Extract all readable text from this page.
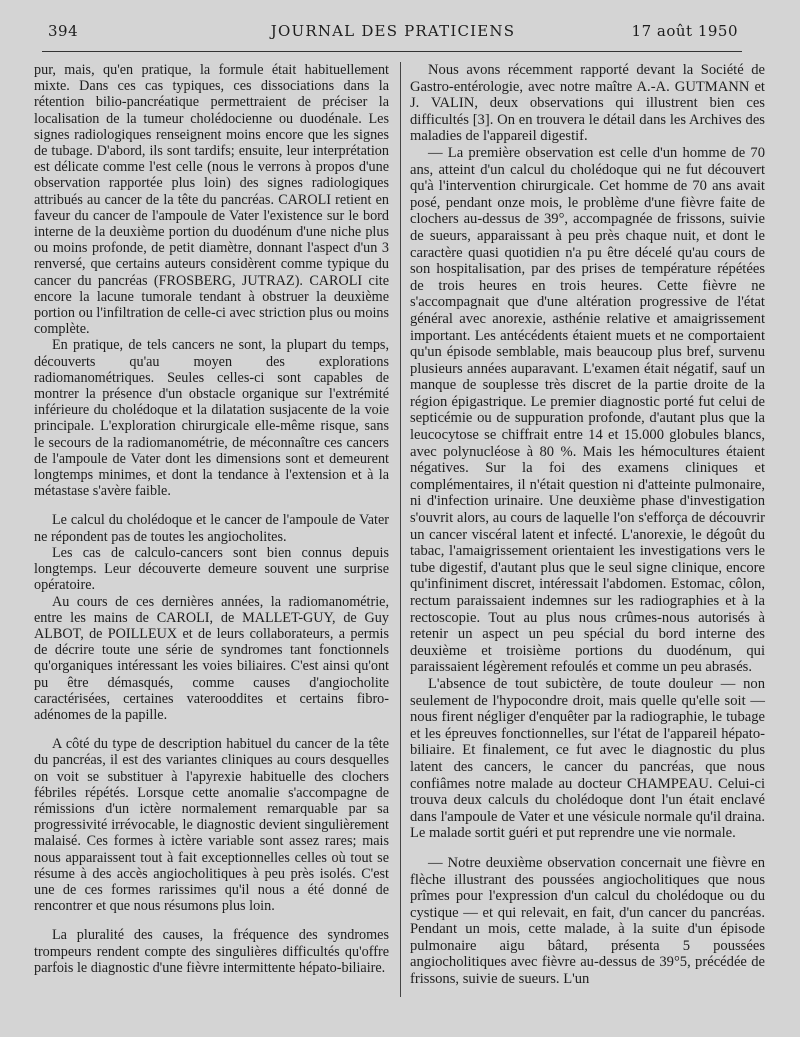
394	JOURNAL DES PRATICIENS	17 août 1950

pur, mais, qu'en pratique, la formule était habituellement mixte. Dans ces cas typiques, ces dissociations dans la rétention bilio-pancréatique permettraient de préciser la localisation de la tumeur cholédocienne ou duodénale. Les signes radiologiques renseignent moins encore que les signes de tubage. D'abord, ils sont tardifs; ensuite, leur interprétation est délicate comme l'est celle (nous le verrons à propos d'une observation rapportée plus loin) des signes radiologiques attribués au cancer de la tête du pancréas. CAROLI retient en faveur du cancer de l'ampoule de Vater l'existence sur le bord interne de la deuxième portion du duodénum d'une niche plus ou moins profonde, de petit diamètre, donnant l'aspect d'un 3 renversé, que certains auteurs considèrent comme typique du cancer du pancréas (FROSBERG, JUTRAZ). CAROLI cite encore la lacune tumorale tendant à obstruer la deuxième portion ou l'infiltration de celle-ci avec striction plus ou moins complète.

En pratique, de tels cancers ne sont, la plupart du temps, découverts qu'au moyen des explorations radiomanométriques. Seules celles-ci sont capables de montrer la présence d'un obstacle organique sur l'extrémité inférieure du cholédoque et la dilatation susjacente de la voie principale. L'exploration chirurgicale elle-même risque, sans le secours de la radiomanométrie, de méconnaître ces cancers de l'ampoule de Vater dont les dimensions sont et demeurent longtemps minimes, et dont la tendance à l'extension et à la métastase s'avère faible.

Le calcul du cholédoque et le cancer de l'ampoule de Vater ne répondent pas de toutes les angiocholites.

Les cas de calculo-cancers sont bien connus depuis longtemps. Leur découverte demeure souvent une surprise opératoire.

Au cours de ces dernières années, la radiomanométrie, entre les mains de CAROLI, de MALLET-GUY, de Guy ALBOT, de POILLEUX et de leurs collaborateurs, a permis de décrire toute une série de syndromes tant fonctionnels qu'organiques intéressant les voies biliaires. C'est ainsi qu'ont pu être démasqués, comme causes d'angiocholite caractérisées, certaines vaterooddites et certains fibro-adénomes de la papille.

A côté du type de description habituel du cancer de la tête du pancréas, il est des variantes cliniques au cours desquelles on voit se substituer à l'apyrexie habituelle des clochers fébriles répétés. Lorsque cette anomalie s'accompagne de rémissions d'un ictère normalement remarquable par sa progressivité irrévocable, le diagnostic devient singulièrement malaisé. Ces formes à ictère variable sont assez rares; mais nous apparaissent tout à fait exceptionnelles celles où tout se résume à des accès angiocholitiques à peu près isolés. C'est une de ces formes rarissimes qu'il nous a été donné de rencontrer et que nous résumons plus loin.

La pluralité des causes, la fréquence des syndromes trompeurs rendent compte des singulières difficultés qu'offre parfois le diagnostic d'une fièvre intermittente hépato-biliaire.

Nous avons récemment rapporté devant la Société de Gastro-entérologie, avec notre maître A.-A. GUTMANN et J. VALIN, deux observations qui illustrent bien ces difficultés [3]. On en trouvera le détail dans les Archives des maladies de l'appareil digestif.

— La première observation est celle d'un homme de 70 ans, atteint d'un calcul du cholédoque qui ne fut découvert qu'à l'intervention chirurgicale. Cet homme de 70 ans avait posé, pendant onze mois, le problème d'une fièvre faite de clochers au-dessus de 39°, accompagnée de frissons, suivie de sueurs, apparaissant à peu près chaque nuit, et dont le caractère quasi quotidien n'a pu être décelé qu'au cours de son hospitalisation, par des prises de température répétées de trois heures en trois heures. Cette fièvre ne s'accompagnait que d'une altération progressive de l'état général avec anorexie, asthénie relative et amaigrissement important. Les antécédents étaient muets et ne comportaient qu'un épisode semblable, mais beaucoup plus bref, survenu plusieurs années auparavant. L'examen était négatif, sauf un manque de souplesse très discret de la partie droite de la région épigastrique. Le premier diagnostic porté fut celui de septicémie ou de suppuration profonde, d'autant plus que la leucocytose se chiffrait entre 14 et 15.000 globules blancs, avec polynucléose à 80 %. Mais les hémocultures étaient négatives. Sur la foi des examens cliniques et complémentaires, il n'était question ni d'atteinte pulmonaire, ni d'infection urinaire. Une deuxième phase d'investigation s'ouvrit alors, au cours de laquelle l'on s'efforça de découvrir un cancer viscéral latent et infecté. L'anorexie, le dégoût du tabac, l'amaigrissement orientaient les investigations vers le tube digestif, d'autant plus que le seul signe clinique, encore qu'infiniment discret, intéressait l'abdomen. Estomac, côlon, rectum paraissaient indemnes sur les radiographies et à la rectoscopie. Tout au plus nous crûmes-nous autorisés à retenir un aspect un peu spécial du bord interne des deuxième et troisième portions du duodénum, qui paraissaient légèrement refoulés et comme un peu abrasés.

L'absence de tout subictère, de toute douleur — non seulement de l'hypocondre droit, mais quelle qu'elle soit — nous firent négliger d'enquêter par la radiographie, le tubage et les épreuves fonctionnelles, sur l'état de l'appareil hépato-biliaire. Et finalement, ce fut avec le diagnostic du plus latent des cancers, le cancer du pancréas, que nous confiâmes notre malade au docteur CHAMPEAU. Celui-ci trouva deux calculs du cholédoque dont l'un était enclavé dans l'ampoule de Vater et une vésicule normale qu'il draina. Le malade sortit guéri et put reprendre une vie normale.

— Notre deuxième observation concernait une fièvre en flèche illustrant des poussées angiocholitiques que nous prîmes pour l'expression d'un calcul du cholédoque ou du cystique — et qui relevait, en fait, d'un cancer du pancréas. Pendant un mois, cette malade, à la suite d'un épisode pulmonaire aigu bâtard, présenta 5 poussées angiocholitiques avec fièvre au-dessus de 39°5, précédée de frissons, suivie de sueurs. L'un
